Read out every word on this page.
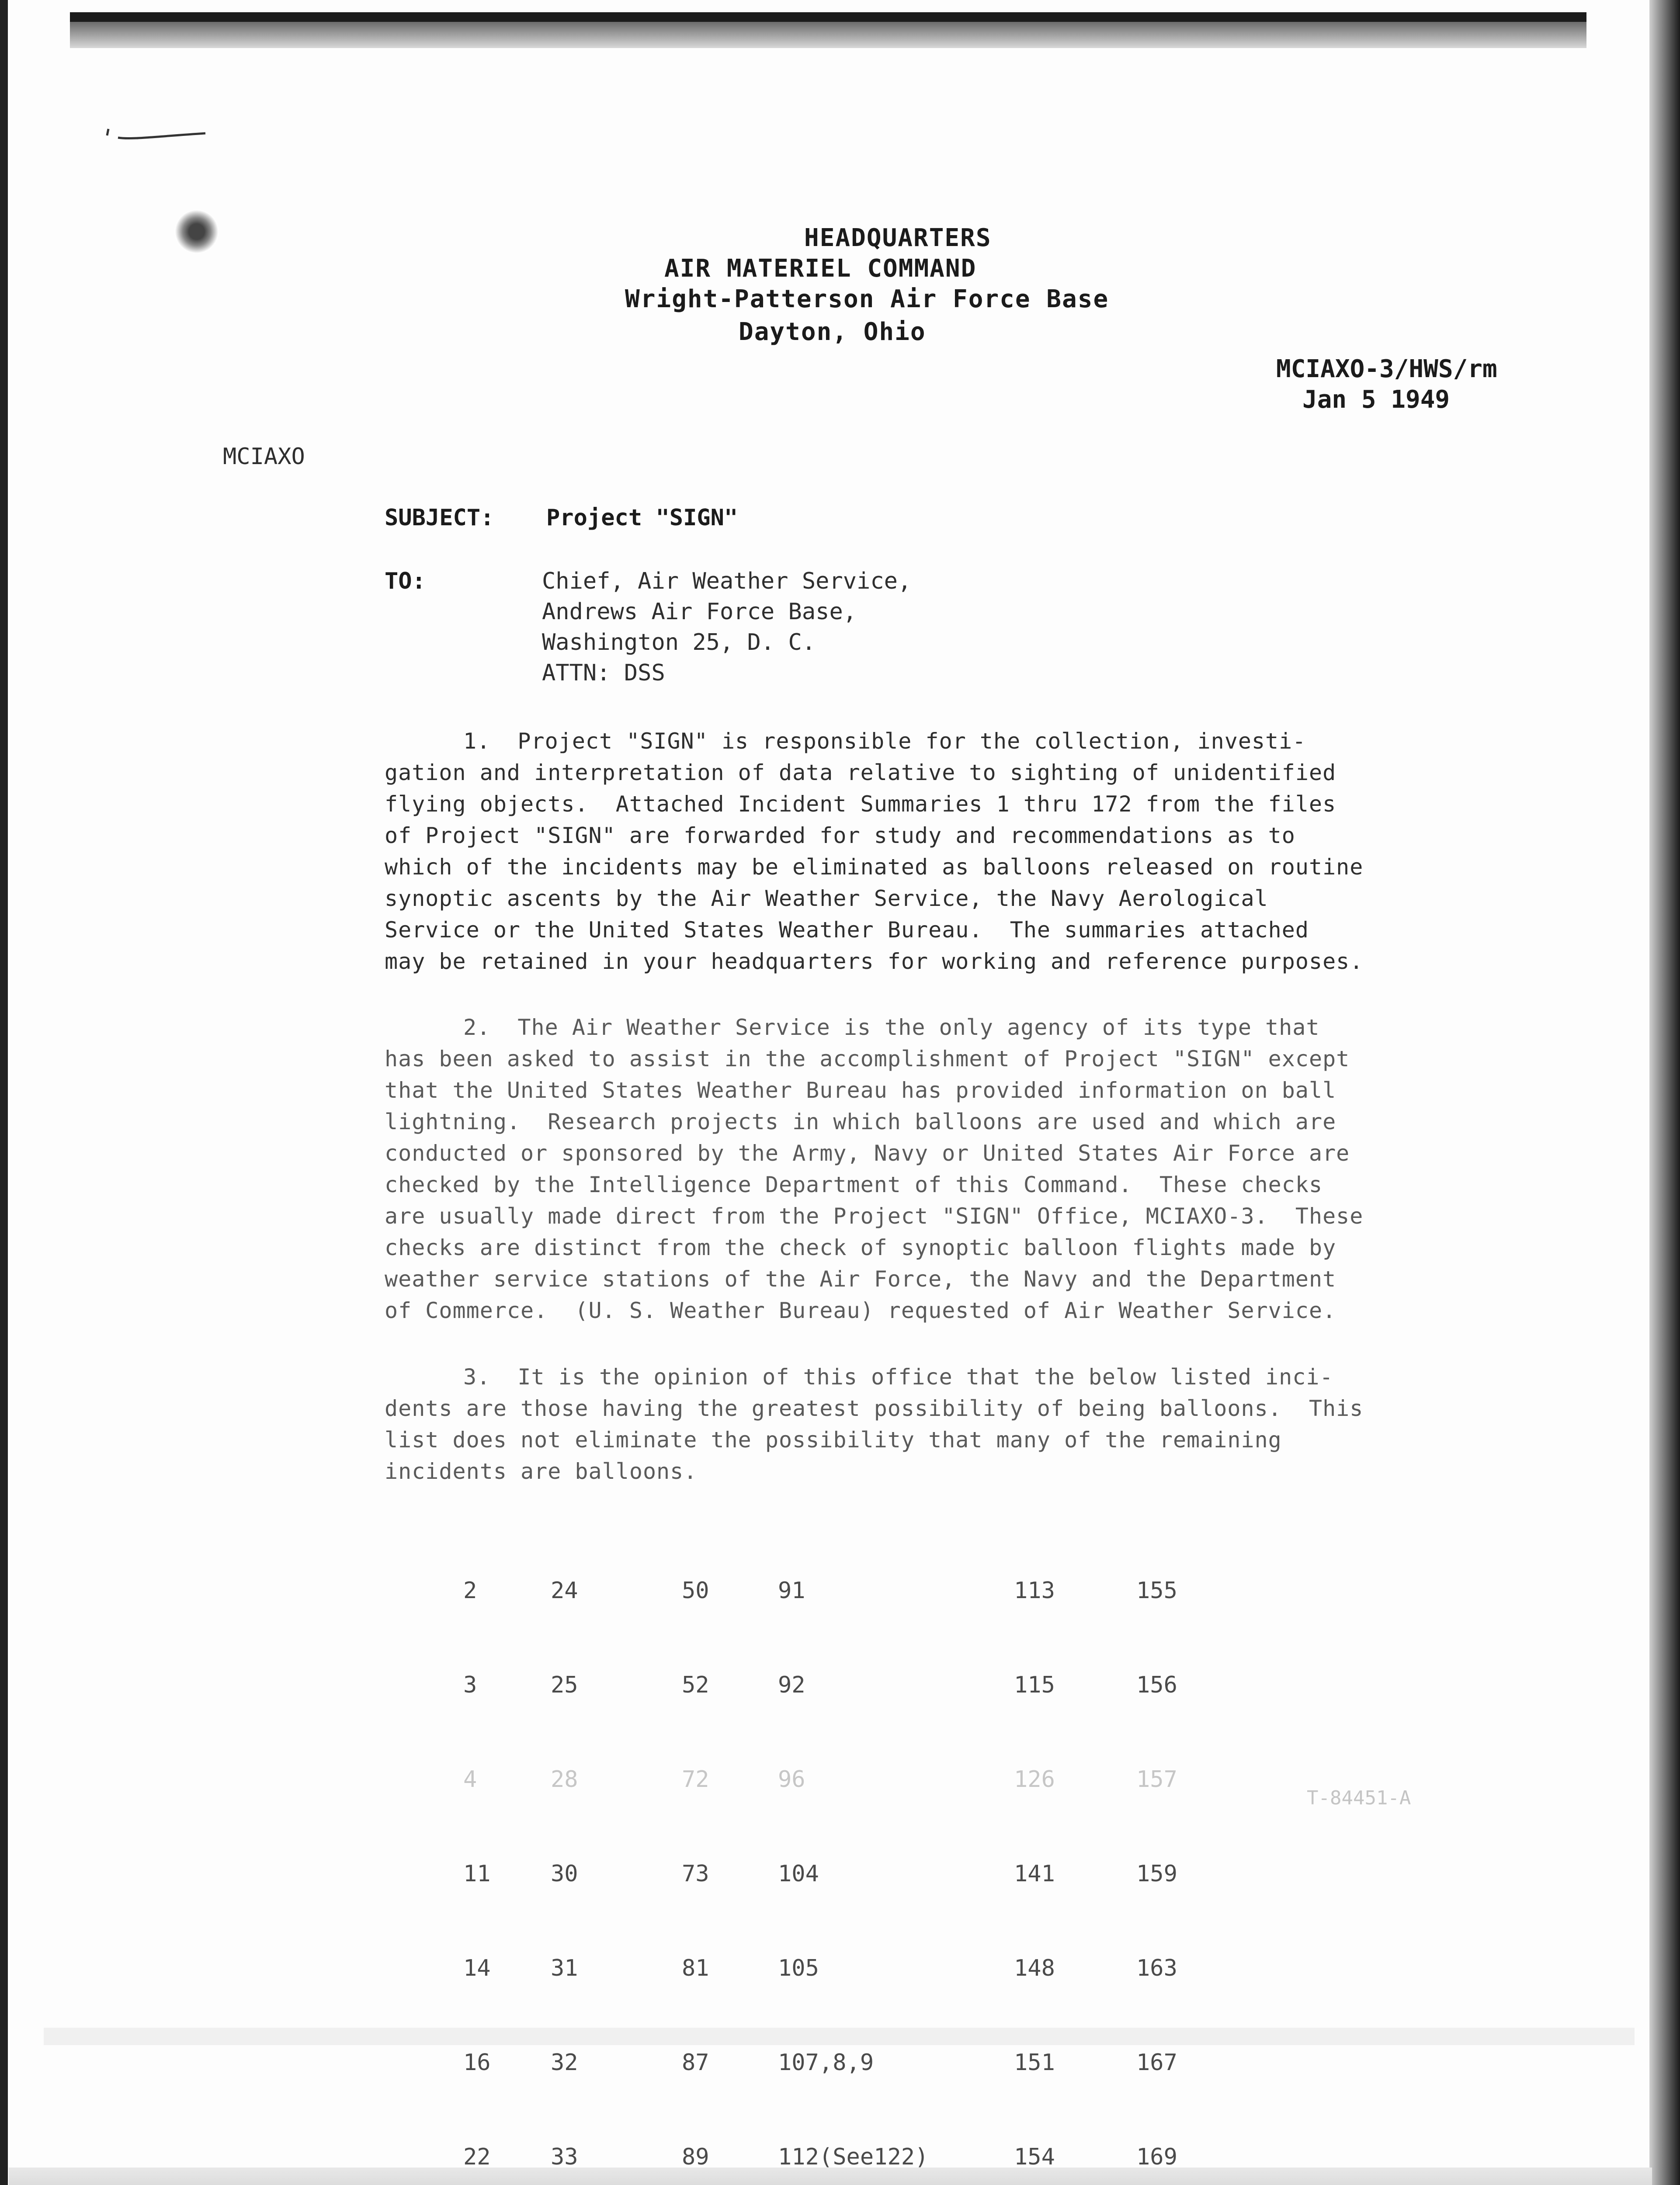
HEADQUARTERS
AIR MATERIEL COMMAND
Wright-Patterson Air Force Base
Dayton, Ohio
MCIAXO-3/HWS/rm
Jan 5 1949
MCIAXO
SUBJECT: Project "SIGN"
TO:	Chief, Air Weather Service,
Andrews Air Force Base,
Washington 25, D. C.
ATTN: DSS
1.  Project "SIGN" is responsible for the collection, investi-
gation and interpretation of data relative to sighting of unidentified
flying objects.  Attached Incident Summaries 1 thru 172 from the files
of Project "SIGN" are forwarded for study and recommendations as to
which of the incidents may be eliminated as balloons released on routine
synoptic ascents by the Air Weather Service, the Navy Aerological
Service or the United States Weather Bureau.  The summaries attached
may be retained in your headquarters for working and reference purposes.
2.  The Air Weather Service is the only agency of its type that
has been asked to assist in the accomplishment of Project "SIGN" except
that the United States Weather Bureau has provided information on ball
lightning.  Research projects in which balloons are used and which are
conducted or sponsored by the Army, Navy or United States Air Force are
checked by the Intelligence Department of this Command.  These checks
are usually made direct from the Project "SIGN" Office, MCIAXO-3.  These
checks are distinct from the check of synoptic balloon flights made by
weather service stations of the Air Force, the Navy and the Department
of Commerce.  (U. S. Weather Bureau) requested of Air Weather Service.
3.  It is the opinion of this office that the below listed inci-
dents are those having the greatest possibility of being balloons.  This
list does not eliminate the possibility that many of the remaining
incidents are balloons.

2

3

4

11

14

16

22

24

25

28

30

31

32

33

50

52

72

73

81

87

89

91

92

96

104

105

107,8,9

112(See122)

113

115

126

141

148

151

154

155

156

157

159

163

167

169

T-84451-A
